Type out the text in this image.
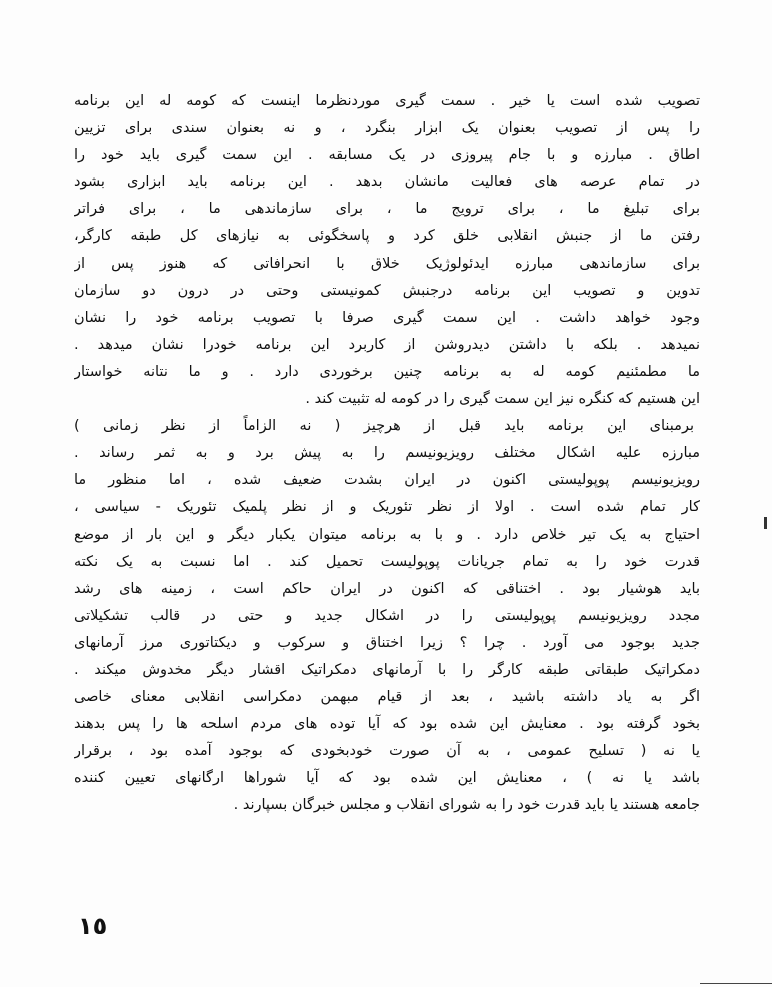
تصویب شده است یا خیر . سمت گیری موردنظرما اینست که کومه له این برنامه
را پس از تصویب بعنوان یک ابزار بنگرد ، و نه بعنوان سندی برای تزیین
اطاق . مبارزه و با جام پیروزی در یک مسابقه . این سمت گیری باید خود را
در تمام عرصه های فعالیت مانشان بدهد . این برنامه باید ابزاری بشود
برای تبلیغ ما ، برای ترویج ما ، برای سازماندهی ما ، برای فراتر
رفتن ما از جنبش انقلابی خلق کرد و پاسخگوئی به نیازهای کل طبقه کارگر،
برای سازماندهی مبارزه ایدئولوژیک خلاق با انحرافاتی که هنوز پس از
تدوین و تصویب این برنامه درجنبش کمونیستی وحتی در درون دو سازمان
وجود خواهد داشت . این سمت گیری صرفا با تصویب برنامه خود را نشان
نمیدهد . بلکه با داشتن دیدروشن از کاربرد این برنامه خودرا نشان میدهد .
ما مطمئنیم کومه له به برنامه چنین برخوردی دارد . و ما نتانه خواستار
این هستیم که کنگره نیز این سمت گیری را در کومه له تثبیت کند .
برمبنای این برنامه باید قبل از هرچیز ( نه الزاماً از نظر زمانی )
مبارزه علیه اشکال مختلف رویزیونیسم را به پیش برد و به ثمر رساند .
رویزیونیسم پوپولیستی اکنون در ایران بشدت ضعیف شده ، اما منظور ما
کار تمام شده است . اولا از نظر تئوریک و از نظر پلمیک تئوریک - سیاسی ،
احتیاج به یک تیر خلاص دارد . و با به برنامه میتوان یکبار دیگر و این بار از موضع
قدرت خود را به تمام جریانات پوپولیست تحمیل کند . اما نسبت به یک نکته
باید هوشیار بود . اختناقی که اکنون در ایران حاکم است ، زمینه های رشد
مجدد رویزیونیسم پوپولیستی را در اشکال جدید و حتی در قالب تشکیلاتی
جدید بوجود می آورد . چرا ؟ زیرا اختناق و سرکوب و دیکتاتوری مرز آرمانهای
دمکراتیک طبقاتی طبقه کارگر را با آرمانهای دمکراتیک اقشار دیگر مخدوش میکند .
اگر به یاد داشته باشید ، بعد از قیام مبهمن دمکراسی انقلابی معنای خاصی
بخود گرفته بود . معنایش این شده بود که آیا توده های مردم اسلحه ها را پس بدهند
یا نه ( تسلیح عمومی ، به آن صورت خودبخودی که بوجود آمده بود ، برقرار
باشد یا نه ) ، معنایش این شده بود که آیا شوراها ارگانهای تعیین کننده
جامعه هستند یا باید قدرت خود را به شورای انقلاب و مجلس خبرگان بسپارند .
١٥
